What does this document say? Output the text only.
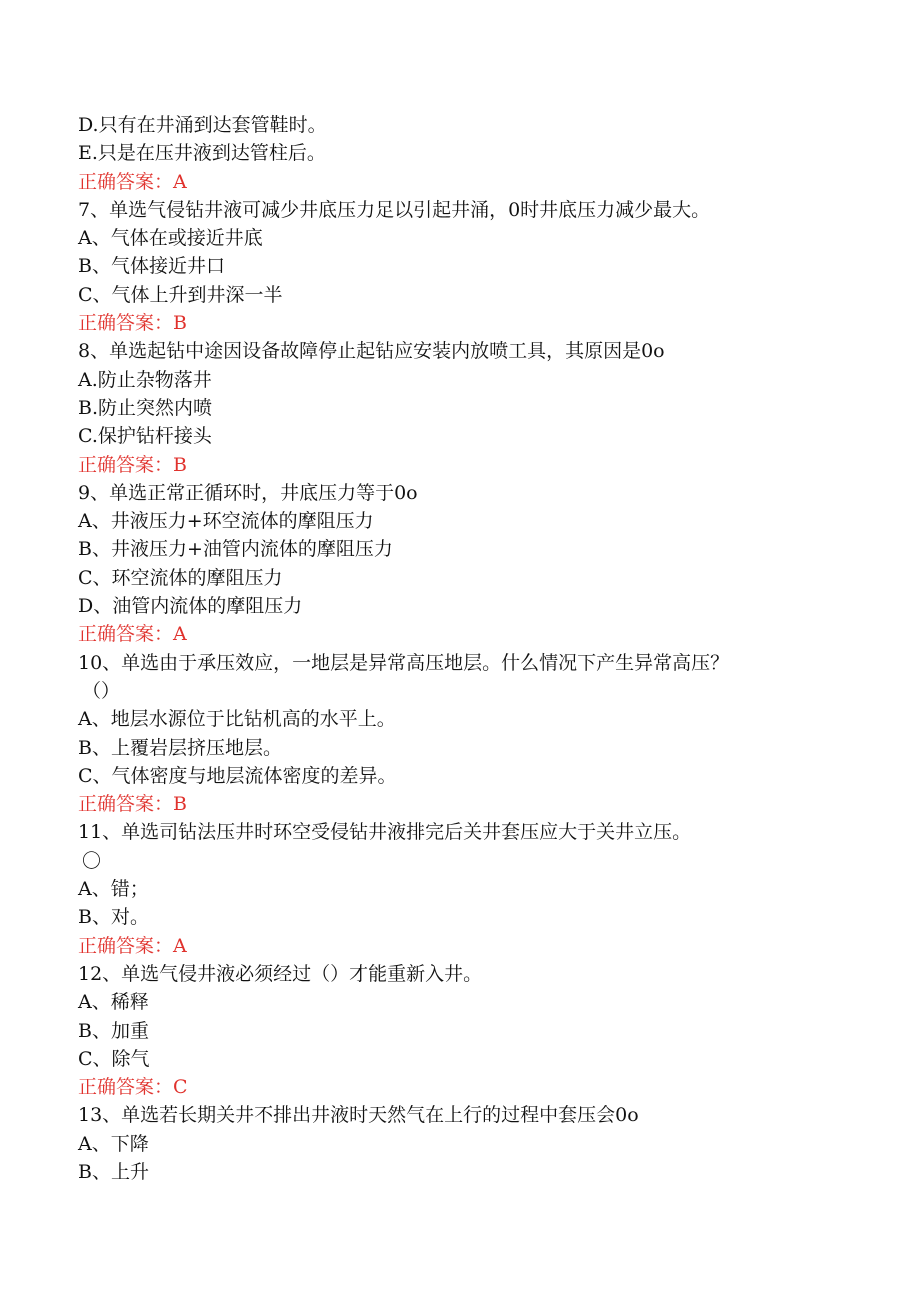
D.只有在井涌到达套管鞋时。

E.只是在压井液到达管柱后。

正确答案：A

7、单选气侵钻井液可减少井底压力足以引起井涌，0时井底压力减少最大。

A、气体在或接近井底

B、气体接近井口

C、气体上升到井深一半

正确答案：B

8、单选起钻中途因设备故障停止起钻应安装内放喷工具，其原因是0o

A.防止杂物落井

B.防止突然内喷

C.保护钻杆接头

正确答案：B

9、单选正常正循环时，井底压力等于0o

A、井液压力+环空流体的摩阻压力

B、井液压力+油管内流体的摩阻压力

C、环空流体的摩阻压力

D、油管内流体的摩阻压力

正确答案：A

10、单选由于承压效应，一地层是异常高压地层。什么情况下产生异常高压？

（）

A、地层水源位于比钻机高的水平上。

B、上覆岩层挤压地层。

C、气体密度与地层流体密度的差异。

正确答案：B

11、单选司钻法压井时环空受侵钻井液排完后关井套压应大于关井立压。

〇

A、错；

B、对。

正确答案：A

12、单选气侵井液必须经过（）才能重新入井。

A、稀释

B、加重

C、除气

正确答案：C

13、单选若长期关井不排出井液时天然气在上行的过程中套压会0o

A、下降

B、上升
